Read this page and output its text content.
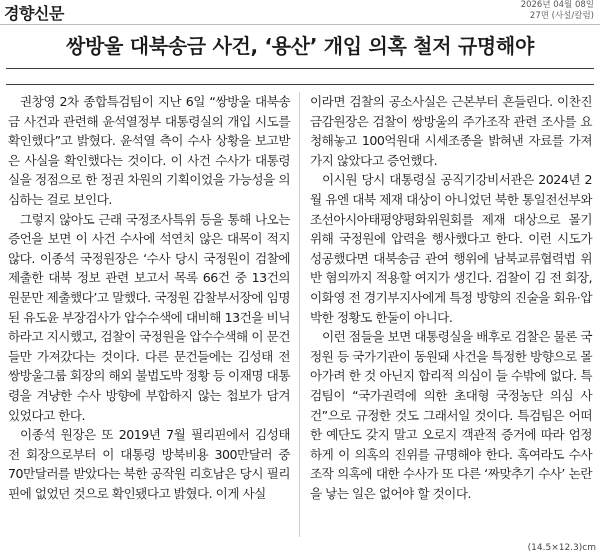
경향신문	2026년 04월 08일
27면 (사설/칼럼)
쌍방울 대북송금 사건, ‘용산’ 개입 의혹 철저 규명해야

권창영 2차 종합특검팀이 지난 6일 “쌍방울 대북송금 사건과 관련해 윤석열정부 대통령실의 개입 시도를 확인했다”고 밝혔다. 윤석열 측이 수사 상황을 보고받은 사실을 확인했다는 것이다. 이 사건 수사가 대통령실을 정점으로 한 정권 차원의 기획이었을 가능성을 의심하는 걸로 보인다.

그렇지 않아도 근래 국정조사특위 등을 통해 나오는 증언을 보면 이 사건 수사에 석연치 않은 대목이 적지 않다. 이종석 국정원장은 ‘수사 당시 국정원이 검찰에 제출한 대북 정보 관련 보고서 목록 66건 중 13건의 원문만 제출했다’고 말했다. 국정원 감찰부서장에 임명된 유도윤 부장검사가 압수수색에 대비해 13건을 비닉하라고 지시했고, 검찰이 국정원을 압수수색해 이 문건들만 가져갔다는 것이다. 다른 문건들에는 김성태 전 쌍방울그룹 회장의 해외 불법도박 정황 등 이재명 대통령을 겨냥한 수사 방향에 부합하지 않는 첩보가 담겨 있었다고 한다.

이종석 원장은 또 2019년 7월 필리핀에서 김성태 전 회장으로부터 이 대통령 방북비용 300만달러 중 70만달러를 받았다는 북한 공작원 리호남은 당시 필리핀에 없었던 것으로 확인됐다고 밝혔다. 이게 사실

이라면 검찰의 공소사실은 근본부터 흔들린다. 이찬진 금감원장은 검찰이 쌍방울의 주가조작 관련 조사를 요청해놓고 100억원대 시세조종을 밝혀낸 자료를 가져가지 않았다고 증언했다.

이시원 당시 대통령실 공직기강비서관은 2024년 2월 유엔 대북 제재 대상이 아니었던 북한 통일전선부와 조선아시아태평양평화위원회를 제재 대상으로 몰기 위해 국정원에 압력을 행사했다고 한다. 이런 시도가 성공했다면 대북송금 관여 행위에 남북교류협력법 위반 혐의까지 적용할 여지가 생긴다. 검찰이 김 전 회장, 이화영 전 경기부지사에게 특정 방향의 진술을 회유·압박한 정황도 한둘이 아니다.

이런 점들을 보면 대통령실을 배후로 검찰은 물론 국정원 등 국가기관이 동원돼 사건을 특정한 방향으로 몰아가려 한 것 아닌지 합리적 의심이 들 수밖에 없다. 특검팀이 “국가권력에 의한 초대형 국정농단 의심 사건”으로 규정한 것도 그래서일 것이다. 특검팀은 어떠한 예단도 갖지 말고 오로지 객관적 증거에 따라 엄정하게 이 의혹의 진위를 규명해야 한다. 혹여라도 수사조작 의혹에 대한 수사가 또 다른 ‘짜맞추기 수사’ 논란을 낳는 일은 없어야 할 것이다.

(14.5×12.3)cm
